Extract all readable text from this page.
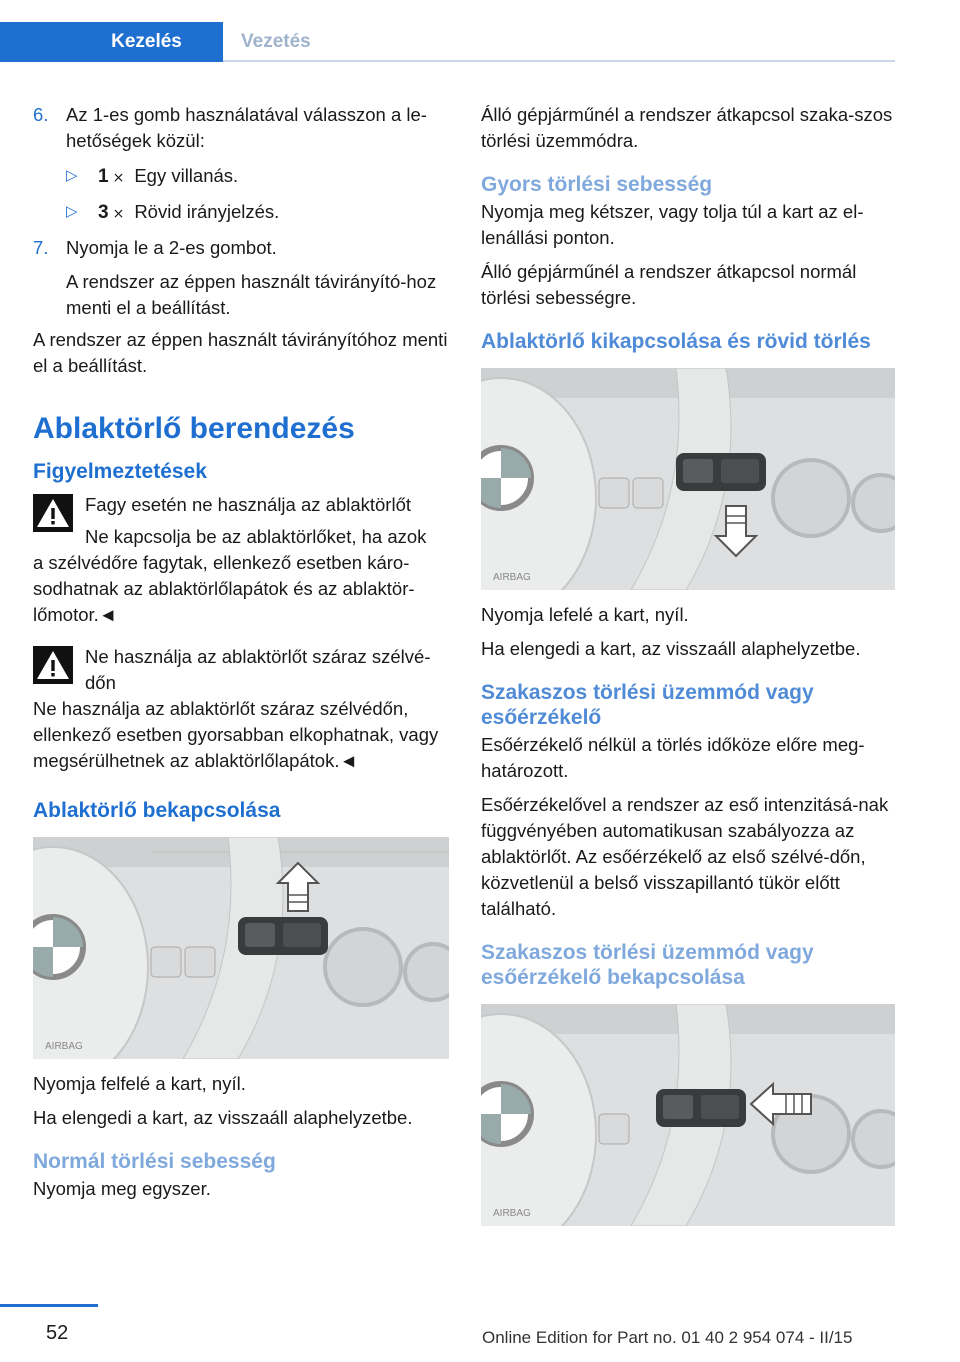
Kezelés	Vezetés
6. Az 1-es gomb használatával válasszon a le-hetőségek közül:
▷ 1 ⨯ Egy villanás.
▷ 3 ⨯ Rövid irányjelzés.
7. Nyomja le a 2-es gombot.

A rendszer az éppen használt távirányító-hoz menti el a beállítást.

A rendszer az éppen használt távirányítóhoz menti el a beállítást.

Ablaktörlő berendezés
Figyelmeztetések

Fagy esetén ne használja az ablaktörlőt

Ne kapcsolja be az ablaktörlőket, ha azok

a szélvédőre fagytak, ellenkező esetben káro-sodhatnak az ablaktörlőlapátok és az ablaktör-lőmotor.◄

Ne használja az ablaktörlőt száraz szélvé-dőn

Ne használja az ablaktörlőt száraz szélvédőn, ellenkező esetben gyorsabban elkophatnak, vagy megsérülhetnek az ablaktörlőlapátok.◄

Ablaktörlő bekapcsolása
AIRBAG

Nyomja felfelé a kart, nyíl.

Ha elengedi a kart, az visszaáll alaphelyzetbe.

Normál törlési sebesség

Nyomja meg egyszer.

Álló gépjárműnél a rendszer átkapcsol szaka-szos törlési üzemmódra.

Gyors törlési sebesség

Nyomja meg kétszer, vagy tolja túl a kart az el-lenállási ponton.

Álló gépjárműnél a rendszer átkapcsol normál törlési sebességre.

Ablaktörlő kikapcsolása és rövid törlés
AIRBAG

Nyomja lefelé a kart, nyíl.

Ha elengedi a kart, az visszaáll alaphelyzetbe.

Szakaszos törlési üzemmód vagy esőérzékelő

Esőérzékelő nélkül a törlés időköze előre meg-határozott.

Esőérzékelővel a rendszer az eső intenzitásá-nak függvényében automatikusan szabályozza az ablaktörlőt. Az esőérzékelő az első szélvé-dőn, közvetlenül a belső visszapillantó tükör előtt található.

Szakaszos törlési üzemmód vagy esőérzékelő bekapcsolása
AIRBAG
52	Online Edition for Part no. 01 40 2 954 074 - II/15
